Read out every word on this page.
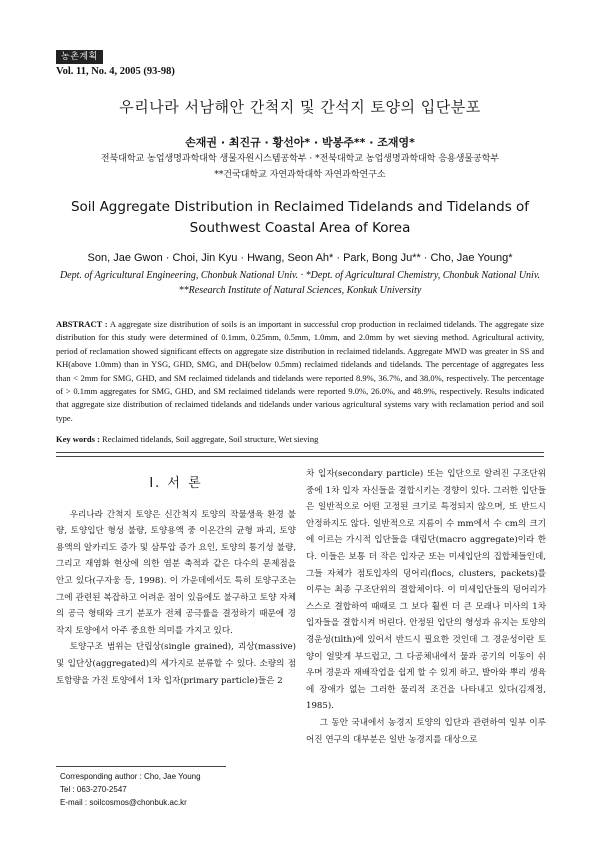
농촌계획
Vol. 11, No. 4, 2005 (93-98)
우리나라 서남해안 간척지 및 간석지 토양의 입단분포
손재권 · 최진규 · 황선아* · 박봉주** · 조재영*
전북대학교 농업생명과학대학 생물자원시스템공학부 · *전북대학교 농업생명과학대학 응용생물공학부
**건국대학교 자연과학대학 자연과학연구소
Soil Aggregate Distribution in Reclaimed Tidelands and Tidelands of Southwest Coastal Area of Korea
Son, Jae Gwon · Choi, Jin Kyu · Hwang, Seon Ah* · Park, Bong Ju** · Cho, Jae Young*
Dept. of Agricultural Engineering, Chonbuk National Univ. · *Dept. of Agricultural Chemistry, Chonbuk National Univ.
**Research Institute of Natural Sciences, Konkuk University
ABSTRACT : A aggregate size distribution of soils is an important in successful crop production in reclaimed tidelands. The aggregate size distribution for this study were determined of 0.1mm, 0.25mm, 0.5mm, 1.0mm, and 2.0mm by wet sieving method. Agricultural activity, period of reclamation showed significant effects on aggregate size distribution in reclaimed tidelands. Aggregate MWD was greater in SS and KH(above 1.0mm) than in YSG, GHD, SMG, and DH(below 0.5mm) reclaimed tidelands and tidelands. The percentage of aggregates less than < 2mm for SMG, GHD, and SM reclaimed tidelands and tidelands were reported 8.9%, 36.7%, and 38.0%, respectively. The percentage of > 0.1mm aggregates for SMG, GHD, and SM reclaimed tidelands were reported 9.0%, 26.0%, and 48.9%, respectively. Results indicated that aggregate size distribution of reclaimed tidelands and tidelands under various agricultural systems vary with reclamation period and soil type.
Key words : Reclaimed tidelands, Soil aggregate, Soil structure, Wet sieving
I. 서 론

우리나라 간척지 토양은 신간척지 토양의 작물생육 환경 불량, 토양입단 형성 불량, 토양용액 중 이온간의 균형 파괴, 토양용액의 알카리도 증가 및 삼투압 증가 요인, 토양의 통기성 불량, 그리고 재염화 현상에 의한 염분 축적과 같은 다수의 문제점을 안고 있다(구자웅 등, 1998). 이 가운데에서도 특히 토양구조는 그에 관련된 복잡하고 어려운 점이 있음에도 불구하고 토양 자체의 공극 형태와 크기 분포가 전체 공극률을 결정하기 때문에 경작지 토양에서 아주 중요한 의미를 가지고 있다.

토양구조 범위는 단립상(single grained), 괴상(massive) 및 입단상(aggregated)의 세가지로 분류할 수 있다. 소량의 점토함량을 가진 토양에서 1차 입자(primary particle)들은 2

차 입자(secondary particle) 또는 입단으로 알려진 구조단위 중에 1차 입자 자신들을 결합시키는 경향이 있다. 그러한 입단들은 일반적으로 어떤 고정된 크기로 특정되지 않으며, 또 반드시 안정하지도 않다. 일반적으로 지름이 수 mm에서 수 cm의 크기에 이르는 가시적 입단들을 대립단(macro aggregate)이라 한다. 이들은 보통 더 작은 입자군 또는 미세입단의 집합체들인데, 그들 자체가 점토입자의 덩어리(flocs, clusters, packets)를 이루는 최종 구조단위의 결합체이다. 이 미세입단들의 덩어리가 스스로 결합하여 때때로 그 보다 훨씬 더 큰 모래나 미사의 1차 입자들을 결합시켜 버린다. 안정된 입단의 형성과 유지는 토양의 경운성(tilth)에 있어서 반드시 필요한 것인데 그 경운성이란 토양이 얼맞게 부드럽고, 그 다공체내에서 물과 공기의 이동이 쉬우며 경운과 재배작업을 쉽게 할 수 있게 하고, 발아와 뿌리 생육에 장애가 없는 그러한 물리적 조건을 나타내고 있다(김재정, 1985).

그 동안 국내에서 농경지 토양의 입단과 관련하여 일부 이루어진 연구의 대부분은 일반 농경지를 대상으로

Corresponding author : Cho, Jae Young
Tel : 063-270-2547
E-mail : soilcosmos@chonbuk.ac.kr
